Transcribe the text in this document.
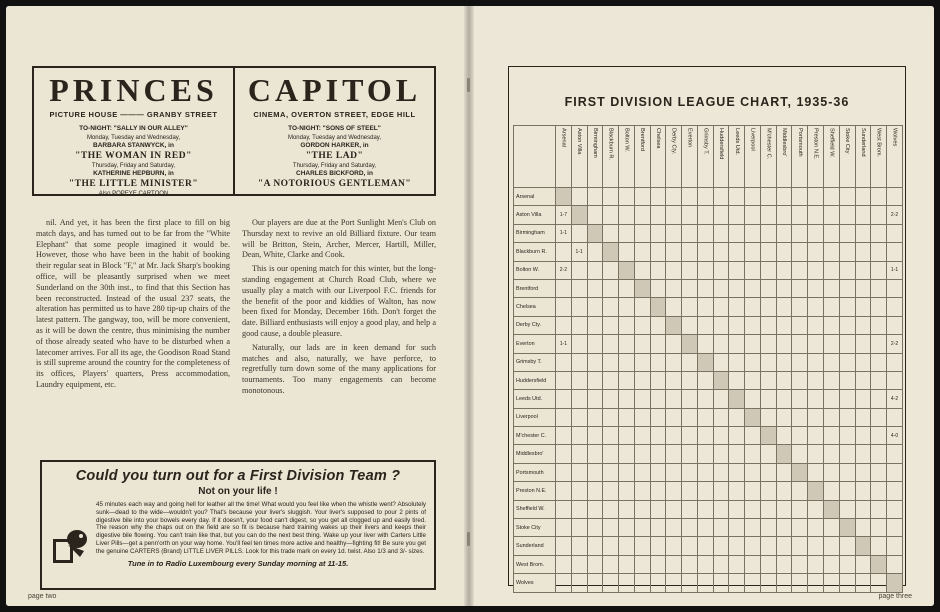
PRINCES
PICTURE HOUSE ——— GRANBY STREET
TO-NIGHT: "SALLY IN OUR ALLEY"
Monday, Tuesday and Wednesday,
BARBARA STANWYCK, in
"THE WOMAN IN RED"
Thursday, Friday and Saturday,
KATHERINE HEPBURN, in
"THE LITTLE MINISTER"
Also POPEYE CARTOON
CAPITOL
CINEMA, OVERTON STREET, EDGE HILL
TO-NIGHT: "SONS OF STEEL"
Monday, Tuesday and Wednesday,
GORDON HARKER, in
"THE LAD"
Thursday, Friday and Saturday,
CHARLES BICKFORD, in
"A NOTORIOUS GENTLEMAN"

nil. And yet, it has been the first place to fill on big match days, and has turned out to be far from the "White Elephant" that some people imagined it would be. However, those who have been in the habit of booking their regular seat in Block "F," at Mr. Jack Sharp's booking office, will be pleasantly surprised when we meet Sunderland on the 30th inst., to find that this Section has been reconstructed. Instead of the usual 237 seats, the alteration has permitted us to have 280 tip-up chairs of the latest pattern. The gangway, too, will be more convenient, as it will be down the centre, thus minimising the number of those already seated who have to be disturbed when a latecomer arrives. For all its age, the Goodison Road Stand is still supreme around the country for the completeness of its offices, Players' quarters, Press accommodation, Laundry equipment, etc.

Our players are due at the Port Sunlight Men's Club on Thursday next to revive an old Billiard fixture. Our team will be Britton, Stein, Archer, Mercer, Hartill, Miller, Dean, White, Clarke and Cook.

This is our opening match for this winter, but the long-standing engagement at Church Road Club, where we usually play a match with our Liverpool F.C. friends for the benefit of the poor and kiddies of Walton, has now been fixed for Monday, December 16th. Don't forget the date. Billiard enthusiasts will enjoy a good play, and help a good cause, a double pleasure.

Naturally, our lads are in keen demand for such matches and also, naturally, we have perforce, to regretfully turn down some of the many applications for tournaments. Too many engagements can become monotonous.

Could you turn out for a First Division Team ?
Not on your life !
45 minutes each way and going hell for leather all the time! What would you feel like when the whistle went? Absolutely sunk—dead to the wide—wouldn't you? That's because your liver's sluggish. Your liver's supposed to pour 2 pints of digestive bile into your bowels every day. If it doesn't, your food can't digest, so you get all clogged up and easily tired. The reason why the chaps out on the field are so fit is because hard training wakes up their livers and keeps their digestive bile flowing. You can't train like that, but you can do the next best thing. Wake up your liver with Carters Little Liver Pills—get a penn'orth on your way home. You'll feel ten times more active and healthy—fighting fit! Be sure you get the genuine CARTERS (Brand) LITTLE LIVER PILLS. Look for this trade mark on every 1d. twist. Also 1/3 and 3/- sizes.
Tune in to Radio Luxembourg every Sunday morning at 11-15.
page two
FIRST DIVISION LEAGUE CHART, 1935-36
	Arsenal	Aston Villa	Birmingham	Blackburn R.	Bolton W.	Brentford	Chelsea	Derby Cty.	Everton	Grimsby T.	Huddersfield	Leeds Utd.	Liverpool	M'chester C.	Middlesbro'	Portsmouth	Preston N.E.	Sheffield W.	Stoke City	Sunderland	West Brom.	Wolves
Arsenal																						
Aston Villa	1-7																					2-2
Birmingham	1-1																					
Blackburn R.		1-1																				
Bolton W.	2-2																					1-1
Brentford																						
Chelsea																						
Derby Cty.																						
Everton	1-1																					2-2
Grimsby T.																						
Huddersfield																						
Leeds Utd.																						4-2
Liverpool																						
M'chester C.																						4-0
Middlesbro'																						
Portsmouth																						
Preston N.E.																						
Sheffield W.																						
Stoke City																						
Sunderland																						
West Brom.																						
Wolves																						
page three
